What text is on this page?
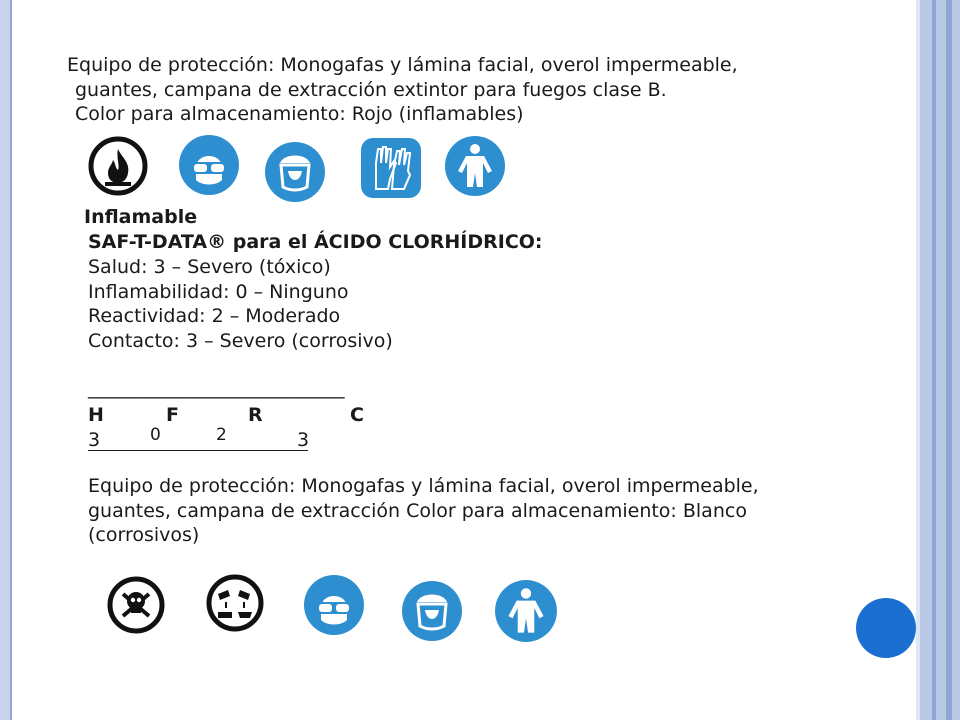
Equipo de protección: Monogafas y lámina facial, overol impermeable,
guantes, campana de extracción extintor para fuegos clase B.
Color para almacenamiento: Rojo (inflamables)
Inflamable
SAF-T-DATA® para el ÁCIDO CLORHÍDRICO:
Salud: 3 – Severo (tóxico)
Inflamabilidad: 0 – Ninguno
Reactividad: 2 – Moderado
Contacto: 3 – Severo (corrosivo)
___________________________
H	F	R	C
3	0	2	3
Equipo de protección: Monogafas y lámina facial, overol impermeable,
guantes, campana de extracción Color para almacenamiento: Blanco
(corrosivos)
